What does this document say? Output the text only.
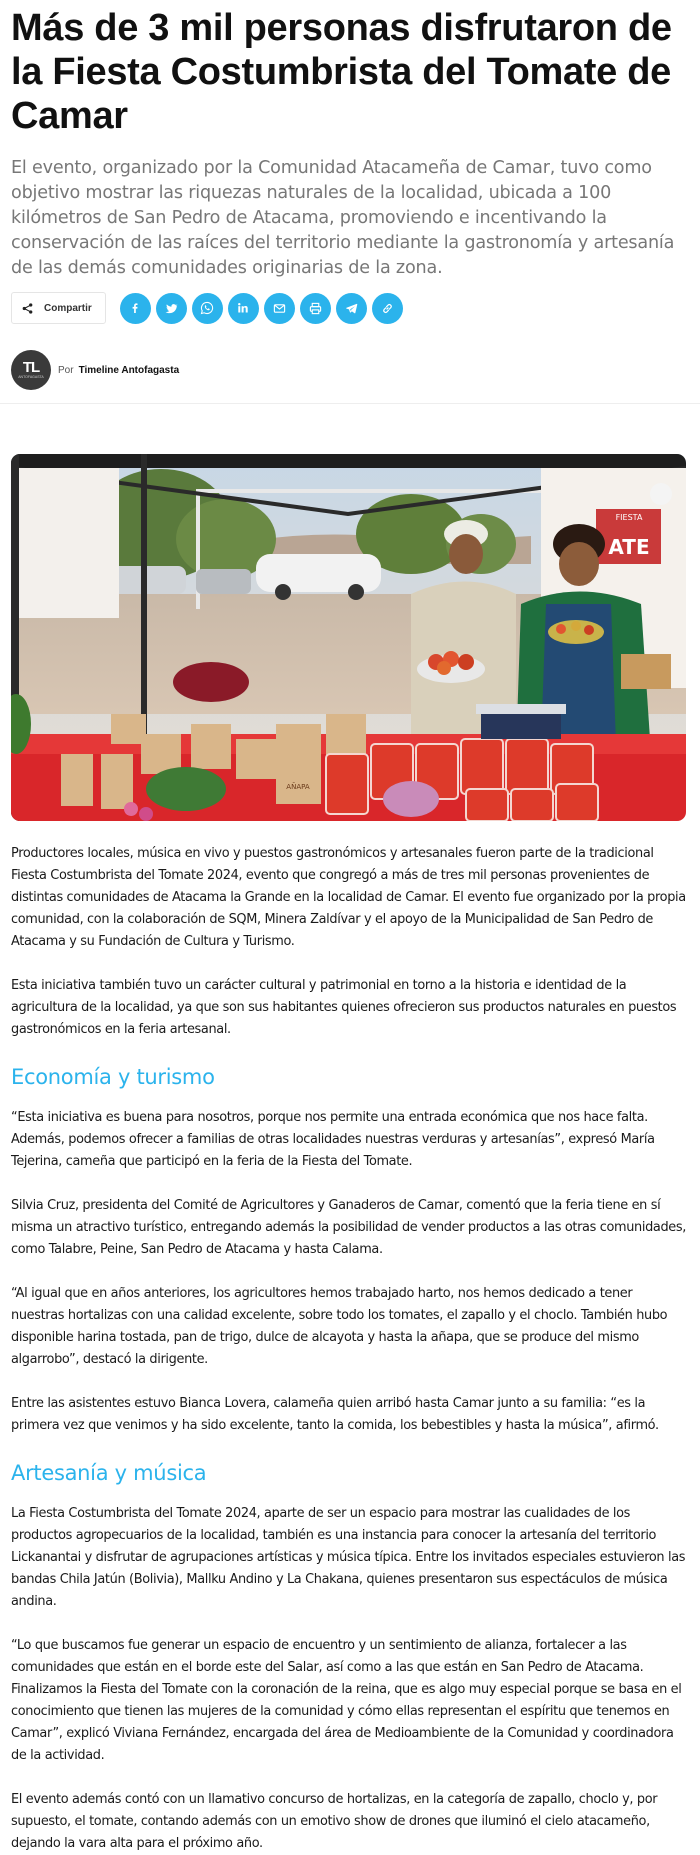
Más de 3 mil personas disfrutaron de la Fiesta Costumbrista del Tomate de Camar

El evento, organizado por la Comunidad Atacameña de Camar, tuvo como objetivo mostrar las riquezas naturales de la localidad, ubicada a 100 kilómetros de San Pedro de Atacama, promoviendo e incentivando la conservación de las raíces del territorio mediante la gastronomía y artesanía de las demás comunidades originarias de la zona.

Compartir
TL
ANTOFAGASTA
Por Timeline Antofagasta
FIESTA
ATE
AÑAPA

Productores locales, música en vivo y puestos gastronómicos y artesanales fueron parte de la tradicional Fiesta Costumbrista del Tomate 2024, evento que congregó a más de tres mil personas provenientes de distintas comunidades de Atacama la Grande en la localidad de Camar. El evento fue organizado por la propia comunidad, con la colaboración de SQM, Minera Zaldívar y el apoyo de la Municipalidad de San Pedro de Atacama y su Fundación de Cultura y Turismo.

Esta iniciativa también tuvo un carácter cultural y patrimonial en torno a la historia e identidad de la agricultura de la localidad, ya que son sus habitantes quienes ofrecieron sus productos naturales en puestos gastronómicos en la feria artesanal.

Economía y turismo

“Esta iniciativa es buena para nosotros, porque nos permite una entrada económica que nos hace falta. Además, podemos ofrecer a familias de otras localidades nuestras verduras y artesanías”, expresó María Tejerina, cameña que participó en la feria de la Fiesta del Tomate.

Silvia Cruz, presidenta del Comité de Agricultores y Ganaderos de Camar, comentó que la feria tiene en sí misma un atractivo turístico, entregando además la posibilidad de vender productos a las otras comunidades, como Talabre, Peine, San Pedro de Atacama y hasta Calama.

“Al igual que en años anteriores, los agricultores hemos trabajado harto, nos hemos dedicado a tener nuestras hortalizas con una calidad excelente, sobre todo los tomates, el zapallo y el choclo. También hubo disponible harina tostada, pan de trigo, dulce de alcayota y hasta la añapa, que se produce del mismo algarrobo”, destacó la dirigente.

Entre las asistentes estuvo Bianca Lovera, calameña quien arribó hasta Camar junto a su familia: “es la primera vez que venimos y ha sido excelente, tanto la comida, los bebestibles y hasta la música”, afirmó.

Artesanía y música

La Fiesta Costumbrista del Tomate 2024, aparte de ser un espacio para mostrar las cualidades de los productos agropecuarios de la localidad, también es una instancia para conocer la artesanía del territorio Lickanantai y disfrutar de agrupaciones artísticas y música típica. Entre los invitados especiales estuvieron las bandas Chila Jatún (Bolivia), Mallku Andino y La Chakana, quienes presentaron sus espectáculos de música andina.

“Lo que buscamos fue generar un espacio de encuentro y un sentimiento de alianza, fortalecer a las comunidades que están en el borde este del Salar, así como a las que están en San Pedro de Atacama. Finalizamos la Fiesta del Tomate con la coronación de la reina, que es algo muy especial porque se basa en el conocimiento que tienen las mujeres de la comunidad y cómo ellas representan el espíritu que tenemos en Camar”, explicó Viviana Fernández, encargada del área de Medioambiente de la Comunidad y coordinadora de la actividad.

El evento además contó con un llamativo concurso de hortalizas, en la categoría de zapallo, choclo y, por supuesto, el tomate, contando además con un emotivo show de drones que iluminó el cielo atacameño, dejando la vara alta para el próximo año.
